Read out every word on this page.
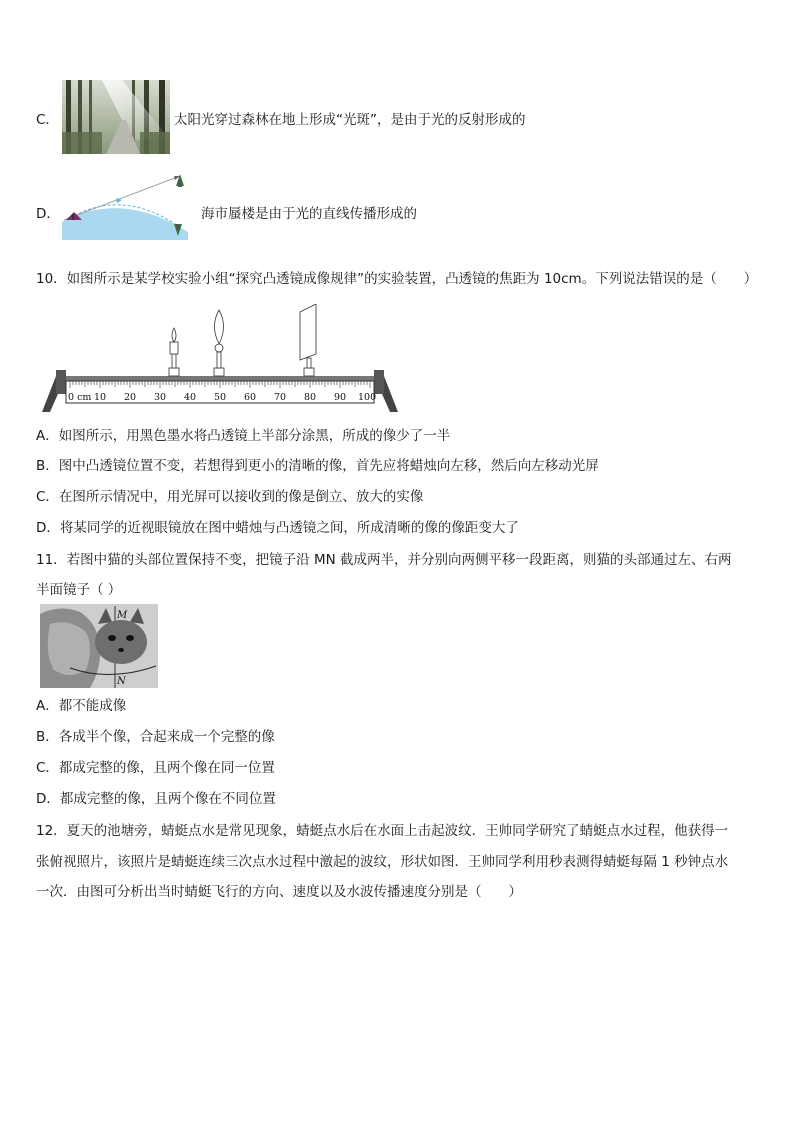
C．	太阳光穿过森林在地上形成“光斑”，是由于光的反射形成的
D．	海市蜃楼是由于光的直线传播形成的
10．如图所示是某学校实验小组“探究凸透镜成像规律”的实验装置，凸透镜的焦距为 10cm。下列说法错误的是（　　）
0 cm 10 20 30 40 50 60 70 80 90 100
A．如图所示，用黑色墨水将凸透镜上半部分涂黑，所成的像少了一半
B．图中凸透镜位置不变，若想得到更小的清晰的像，首先应将蜡烛向左移，然后向左移动光屏
C．在图所示情况中，用光屏可以接收到的像是倒立、放大的实像
D．将某同学的近视眼镜放在图中蜡烛与凸透镜之间，所成清晰的像的像距变大了
11．若图中猫的头部位置保持不变，把镜子沿 MN 截成两半，并分别向两侧平移一段距离，则猫的头部通过左、右两
半面镜子（ ）
M
N
A．都不能成像
B．各成半个像，合起来成一个完整的像
C．都成完整的像，且两个像在同一位置
D．都成完整的像，且两个像在不同位置
12．夏天的池塘旁，蜻蜓点水是常见现象，蜻蜓点水后在水面上击起波纹．王帅同学研究了蜻蜓点水过程，他获得一
张俯视照片，该照片是蜻蜓连续三次点水过程中激起的波纹，形状如图．王帅同学利用秒表测得蜻蜓每隔 1 秒钟点水
一次．由图可分析出当时蜻蜓飞行的方向、速度以及水波传播速度分别是（　　）
